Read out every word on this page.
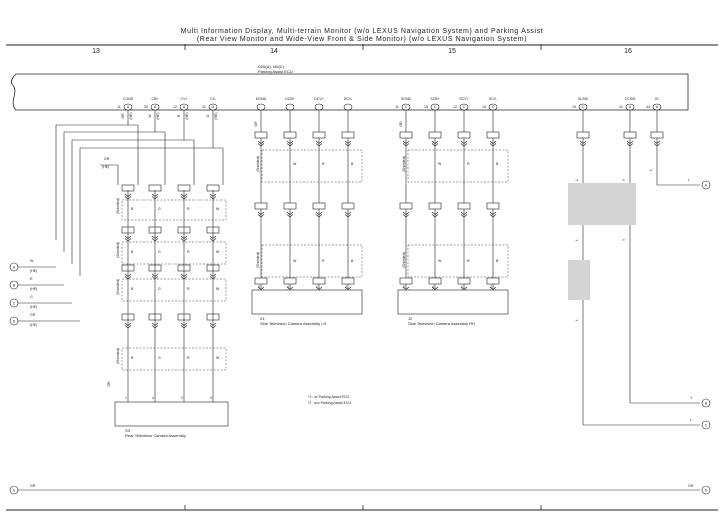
Multi Information Display, Multi-terrain Monitor (w/o LEXUS Navigation System) and Parking Assist
(Rear View Monitor and Wide-View Front & Side Monitor) (w/o LEXUS Navigation System)
13	14	15	16
D26(A), I46(C)
Parking Assist ECU
CGND
11 A
CB+
30 A
CV+
12 A
CV-
31 A
DGND	DCB+	DCV+	DCV-	SGND
11 C
SCB+
15 C
SCV+
12 C
SCV-
16 C
SLSW
10 C
CCSW
41 A
IG
44 A
GR (HE)	W (HE)	R (HE)	G (HE)
GR
(HE)
B
B
B
B
G
G
G
G
R
R
R
R
W
W
W
W
GR
1	4	2	3
5	4
W
W
1
R
R
2
B
B
GR
5	4
W
W
1
R
R
2
B
B
GR
L
L
L
L
Y
Y
Y
L
L
W
(HE)
R
(HE)
G
(HE)
GR
(HE)
GR	GR
(Shielded)
(Shielded)
(Shielded)
(Shielded)
(Shielded)
(Shielded)
(Shielded)
(Shielded)
S3
Rear Television Camera Assembly
K1
Side Television Camera Assembly LH
J2
Side Television Camera Assembly RH
*1 : w/ Parking Assist ECU
*2 : w/o Parking Assist ECU
A
B
C
D
E
A
B
C
D
